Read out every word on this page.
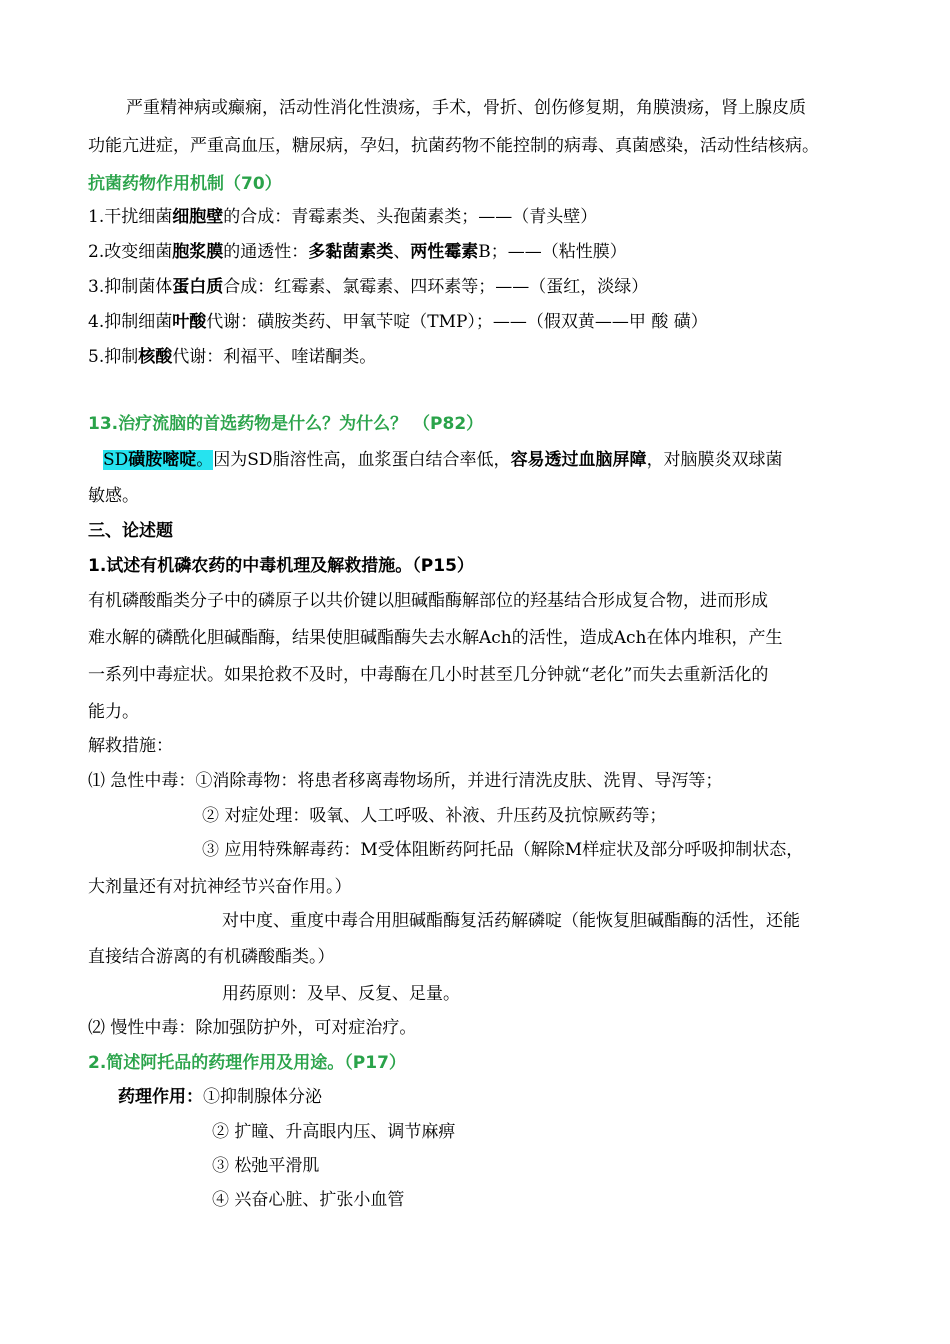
严重精神病或癫痫，活动性消化性溃疡，手术，骨折、创伤修复期，角膜溃疡，肾上腺皮质
功能亢进症，严重高血压，糖尿病，孕妇，抗菌药物不能控制的病毒、真菌感染，活动性结核病。
抗菌药物作用机制（70）
1.干扰细菌细胞壁的合成：青霉素类、头孢菌素类；——（青头壁）
2.改变细菌胞浆膜的通透性：多黏菌素类、两性霉素B；——（粘性膜）
3.抑制菌体蛋白质合成：红霉素、氯霉素、四环素等；——（蛋红，淡绿）
4.抑制细菌叶酸代谢：磺胺类药、甲氧苄啶（TMP）；——（假双黄——甲 酸 磺）
5.抑制核酸代谢：利福平、喹诺酮类。
13.治疗流脑的首选药物是什么？为什么？ （P82）
SD磺胺嘧啶。因为SD脂溶性高，血浆蛋白结合率低，容易透过血脑屏障，对脑膜炎双球菌
敏感。
三、论述题
1.试述有机磷农药的中毒机理及解救措施。（P15）
有机磷酸酯类分子中的磷原子以共价键以胆碱酯酶解部位的羟基结合形成复合物，进而形成
难水解的磷酰化胆碱酯酶，结果使胆碱酯酶失去水解Ach的活性，造成Ach在体内堆积，产生
一系列中毒症状。如果抢救不及时，中毒酶在几小时甚至几分钟就“老化”而失去重新活化的
能力。
解救措施：
⑴ 急性中毒：①消除毒物：将患者移离毒物场所，并进行清洗皮肤、洗胃、导泻等；
② 对症处理：吸氧、人工呼吸、补液、升压药及抗惊厥药等；
③ 应用特殊解毒药：M受体阻断药阿托品（解除M样症状及部分呼吸抑制状态，
大剂量还有对抗神经节兴奋作用。）
对中度、重度中毒合用胆碱酯酶复活药解磷啶（能恢复胆碱酯酶的活性，还能
直接结合游离的有机磷酸酯类。）
用药原则：及早、反复、足量。
⑵ 慢性中毒：除加强防护外，可对症治疗。
2.简述阿托品的药理作用及用途。（P17）
药理作用：①抑制腺体分泌
② 扩瞳、升高眼内压、调节麻痹
③ 松弛平滑肌
④ 兴奋心脏、扩张小血管
